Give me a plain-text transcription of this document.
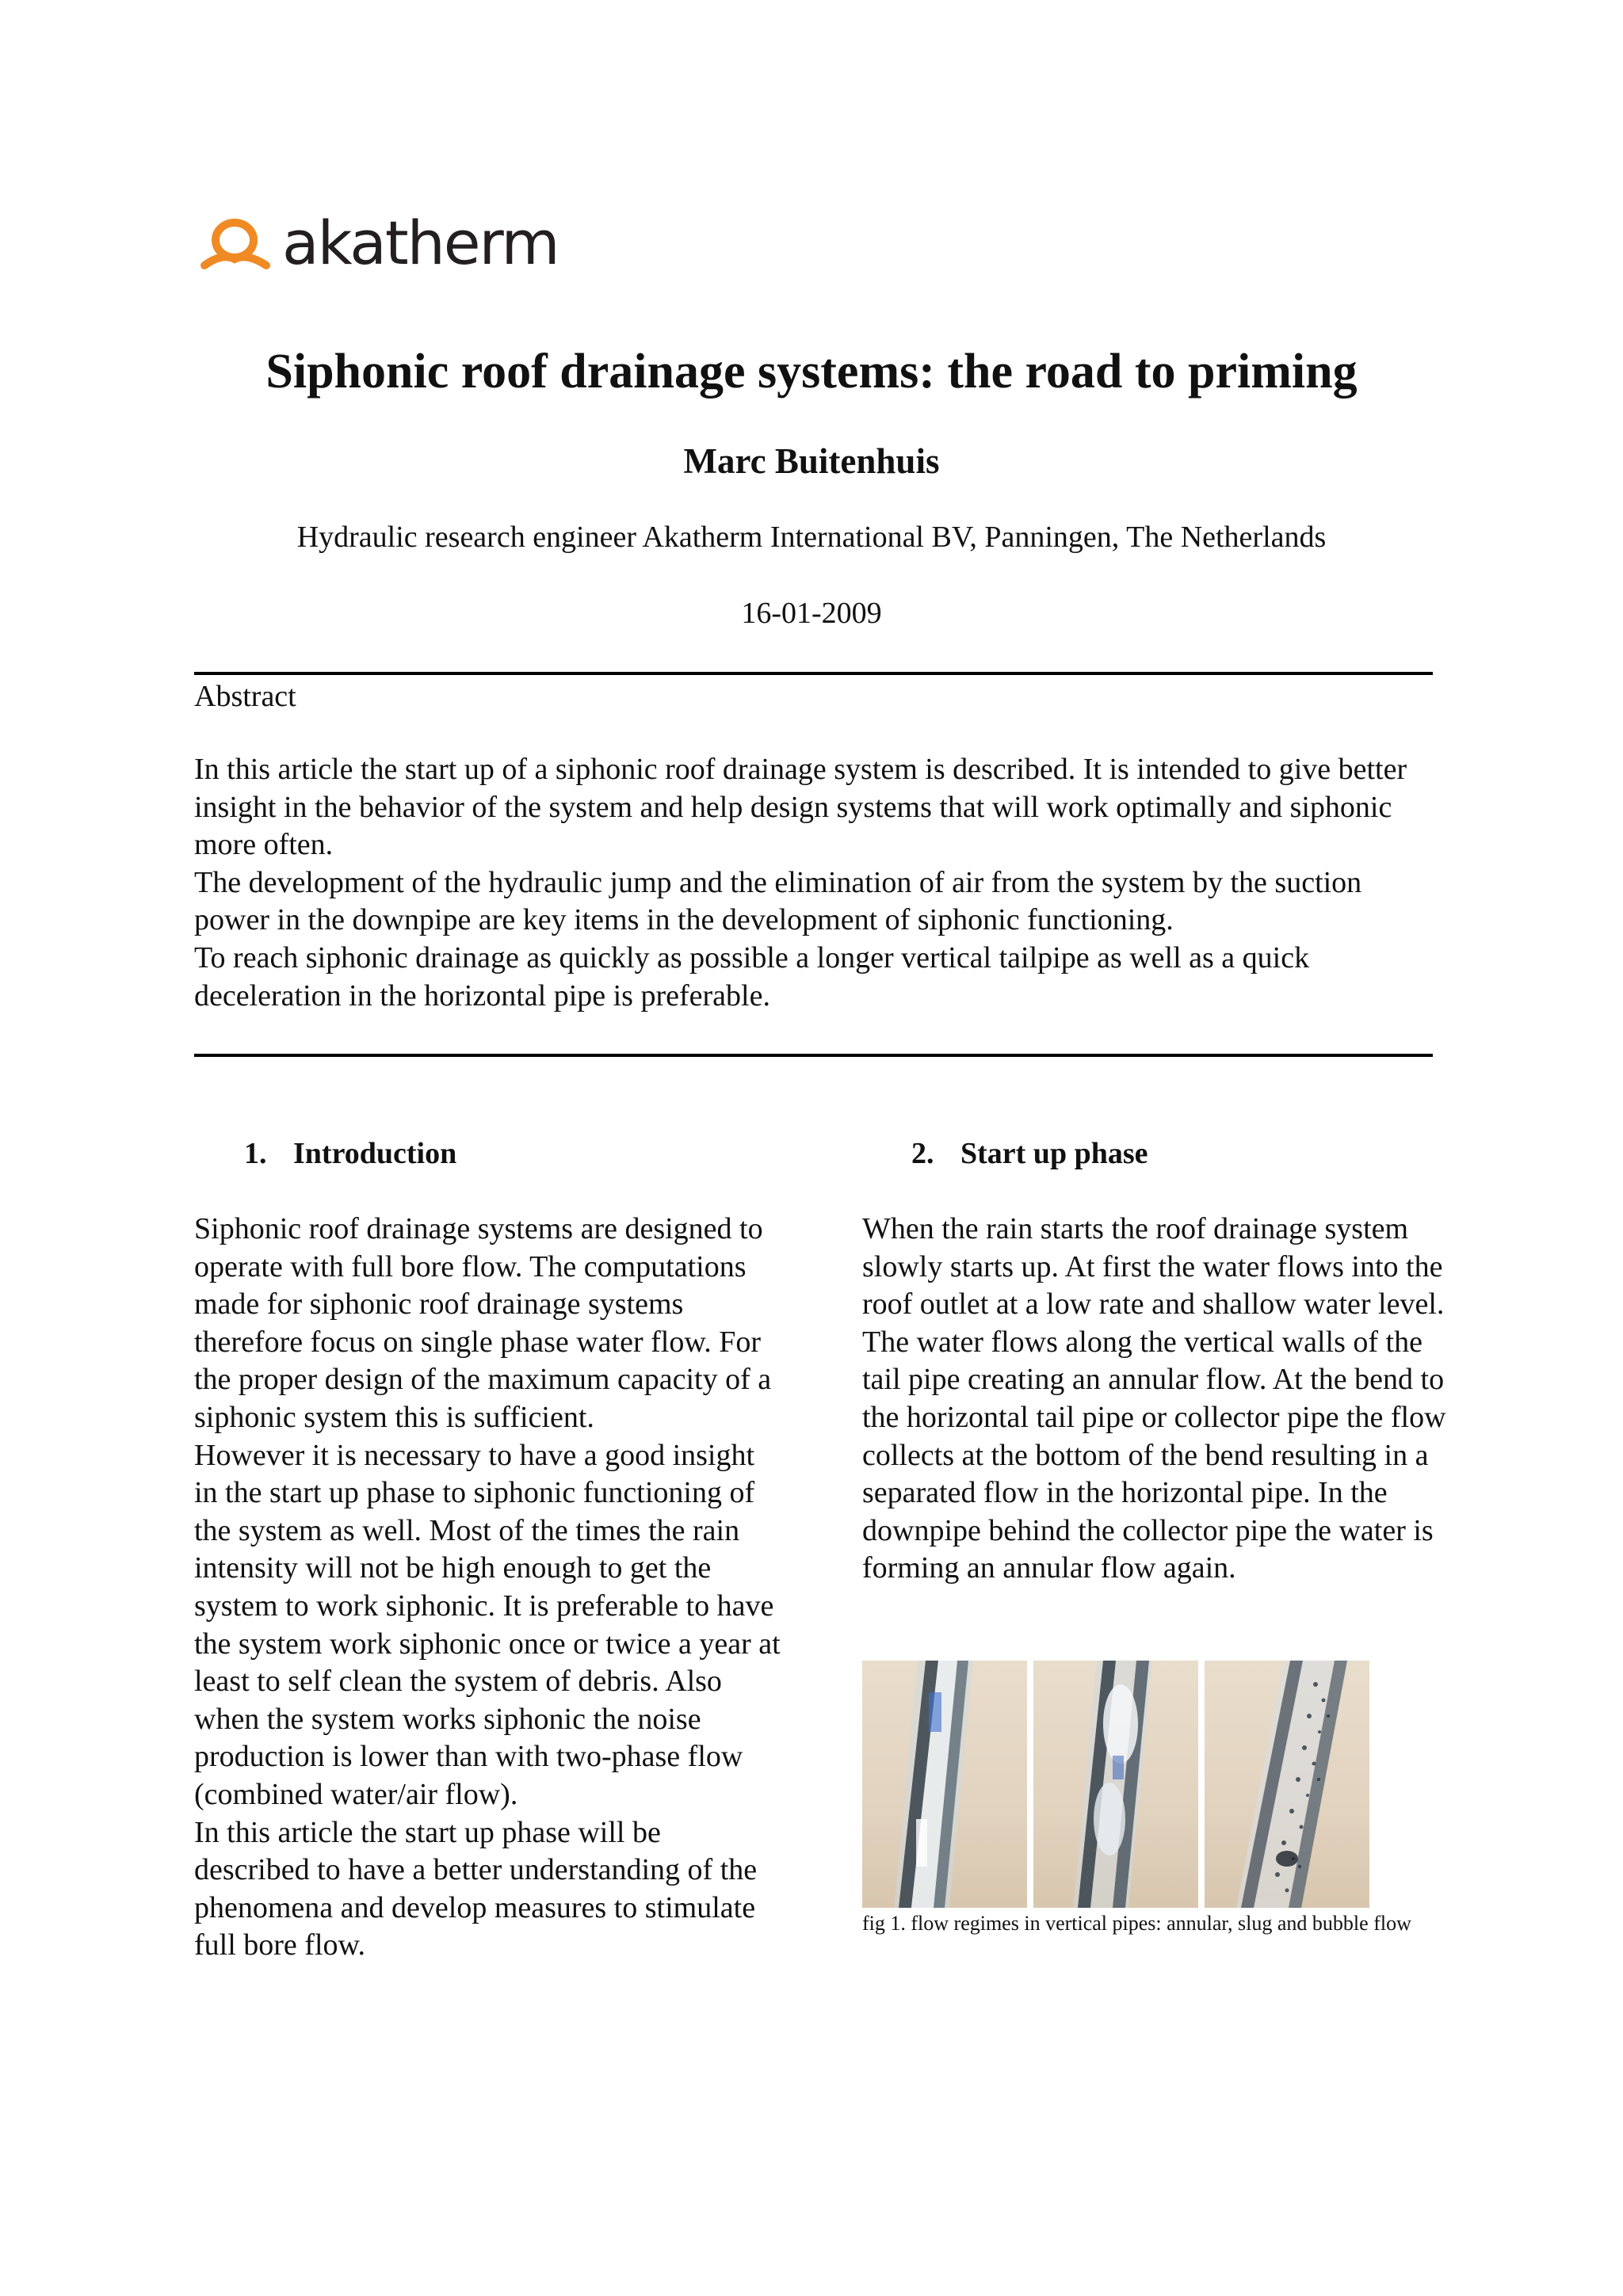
akatherm
Siphonic roof drainage systems: the road to priming
Marc Buitenhuis
Hydraulic research engineer Akatherm International BV, Panningen, The Netherlands
16-01-2009
Abstract

In this article the start up of a siphonic roof drainage system is described. It is intended to give better insight in the behavior of the system and help design systems that will work optimally and siphonic more often.

The development of the hydraulic jump and the elimination of air from the system by the suction power in the downpipe are key items in the development of siphonic functioning.

To reach siphonic drainage as quickly as possible a longer vertical tailpipe as well as a quick deceleration in the horizontal pipe is preferable.

1. Introduction

Siphonic roof drainage systems are designed to operate with full bore flow. The computations made for siphonic roof drainage systems therefore focus on single phase water flow. For the proper design of the maximum capacity of a siphonic system this is sufficient.

However it is necessary to have a good insight in the start up phase to siphonic functioning of the system as well. Most of the times the rain intensity will not be high enough to get the system to work siphonic. It is preferable to have the system work siphonic once or twice a year at least to self clean the system of debris. Also when the system works siphonic the noise production is lower than with two-phase flow (combined water/air flow).

In this article the start up phase will be described to have a better understanding of the phenomena and develop measures to stimulate full bore flow.

2. Start up phase

When the rain starts the roof drainage system slowly starts up. At first the water flows into the roof outlet at a low rate and shallow water level. The water flows along the vertical walls of the tail pipe creating an annular flow. At the bend to the horizontal tail pipe or collector pipe the flow collects at the bottom of the bend resulting in a separated flow in the horizontal pipe. In the downpipe behind the collector pipe the water is forming an annular flow again.

fig 1. flow regimes in vertical pipes: annular, slug and bubble flow
